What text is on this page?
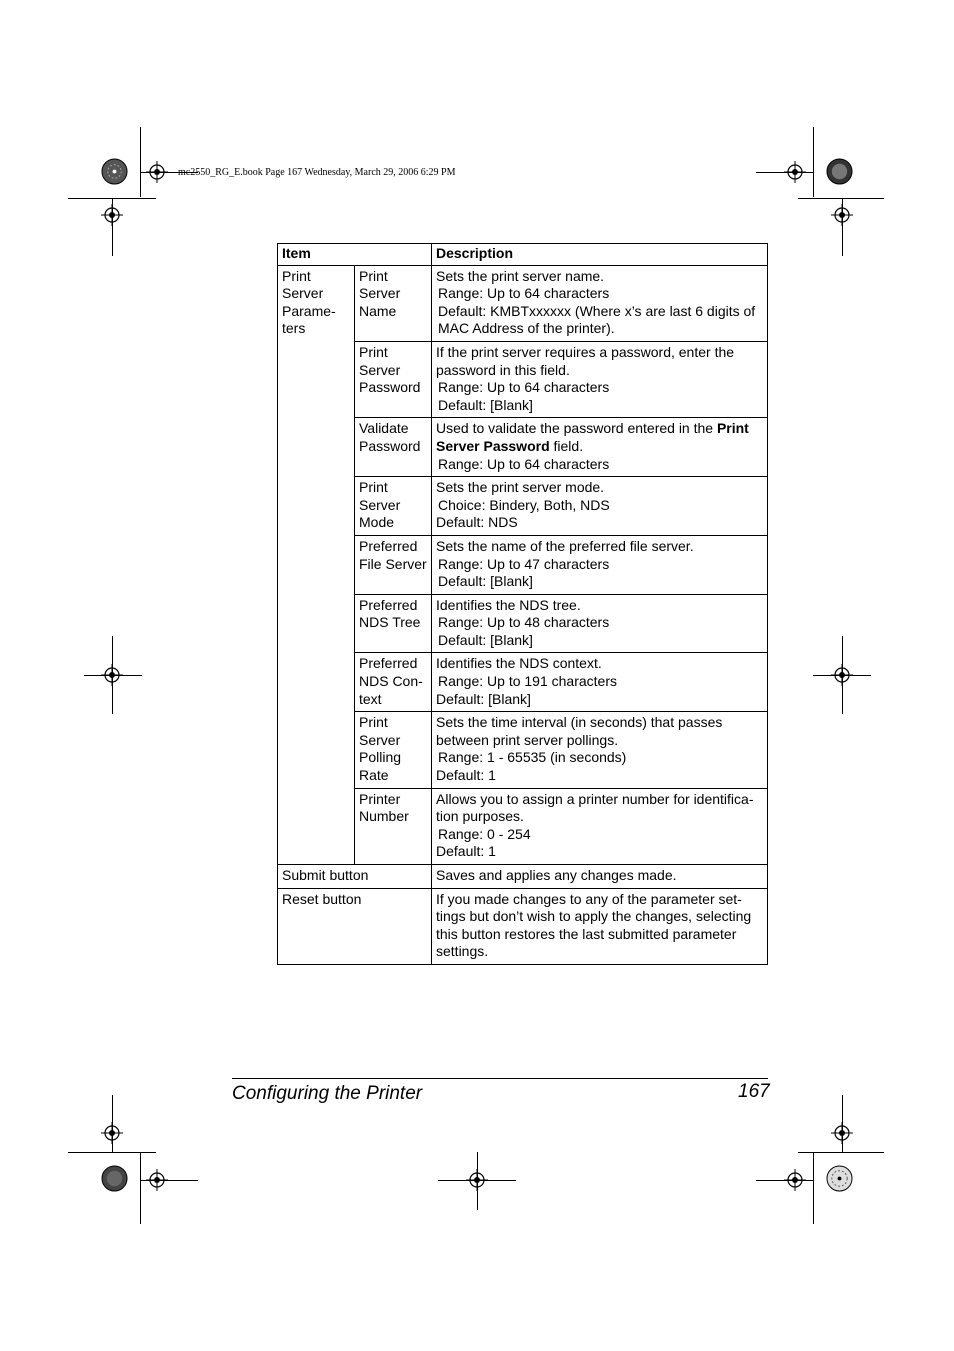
mc2550_RG_E.book Page 167 Wednesday, March 29, 2006 6:29 PM
Item		Description

Print
Server
Parame-
ters	Print
Server
Name	Sets the print server name.
Range: Up to 64 characters
Default: KMBTxxxxxx (Where x’s are last 6 digits of
MAC Address of the printer).

	Print
Server
Password	If the print server requires a password, enter the
password in this field.
Range: Up to 64 characters
Default: [Blank]

	Validate
Password	Used to validate the password entered in the Print
Server Password field.
Range: Up to 64 characters

	Print
Server
Mode	Sets the print server mode.
Choice: Bindery, Both, NDS
Default: NDS

	Preferred
File Server	Sets the name of the preferred file server.
Range: Up to 47 characters
Default: [Blank]

	Preferred
NDS Tree	Identifies the NDS tree.
Range: Up to 48 characters
Default: [Blank]

	Preferred
NDS Con-
text	Identifies the NDS context.
Range: Up to 191 characters
Default: [Blank]

	Print
Server
Polling
Rate	Sets the time interval (in seconds) that passes
between print server pollings.
Range: 1 - 65535 (in seconds)
Default: 1

	Printer
Number	Allows you to assign a printer number for identifica-
tion purposes.
Range: 0 - 254
Default: 1

Submit button		Saves and applies any changes made.
Reset button		If you made changes to any of the parameter set-
tings but don’t wish to apply the changes, selecting
this button restores the last submitted parameter
settings.
Configuring the Printer	167
